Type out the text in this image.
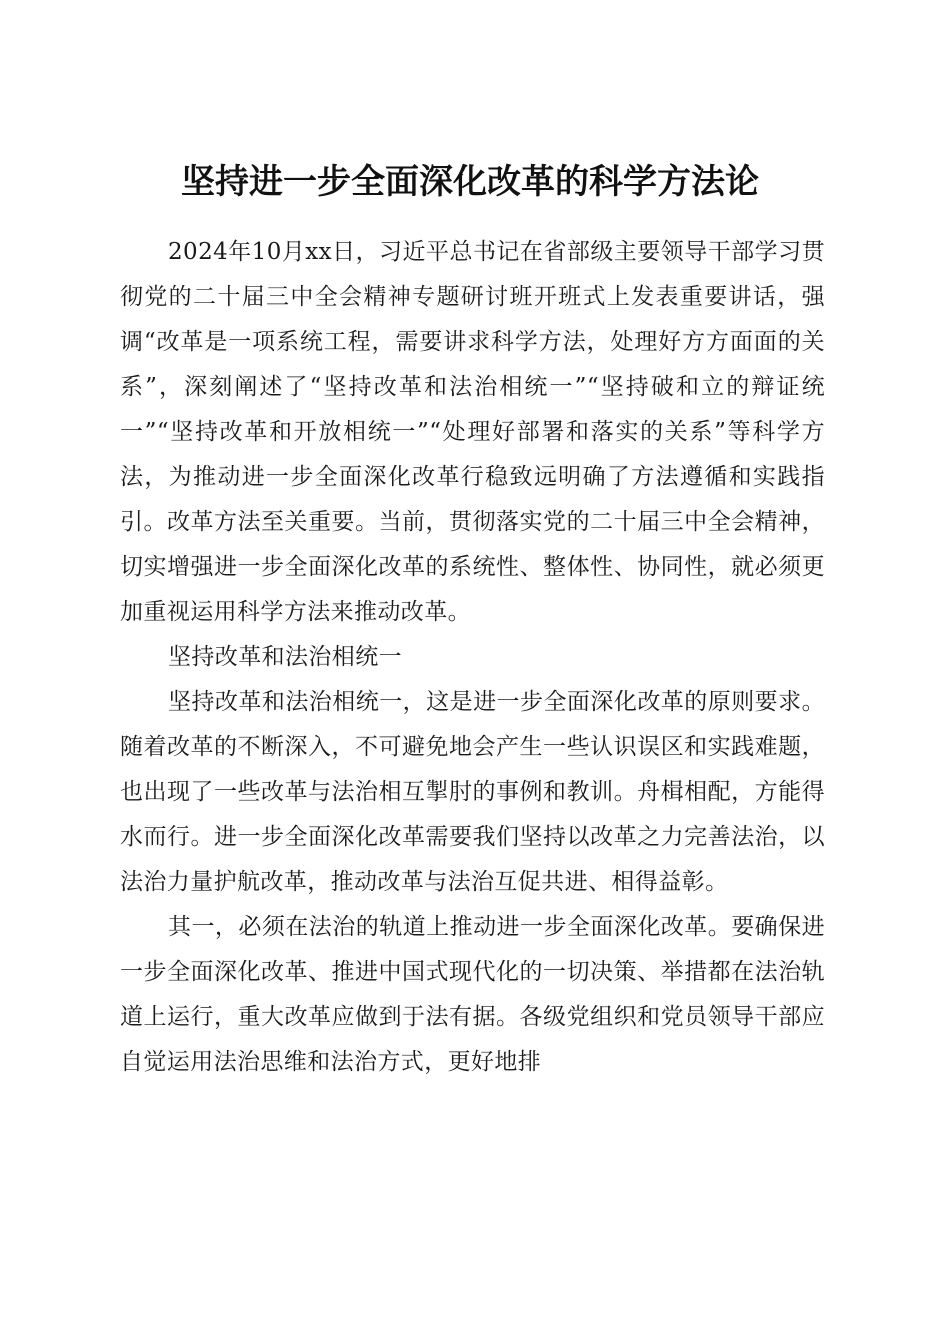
坚持进一步全面深化改革的科学方法论

2024年10月xx日，习近平总书记在省部级主要领导干部学习贯彻党的二十届三中全会精神专题研讨班开班式上发表重要讲话，强调“改革是一项系统工程，需要讲求科学方法，处理好方方面面的关系”，深刻阐述了“坚持改革和法治相统一”“坚持破和立的辩证统一”“坚持改革和开放相统一”“处理好部署和落实的关系”等科学方法，为推动进一步全面深化改革行稳致远明确了方法遵循和实践指引。改革方法至关重要。当前，贯彻落实党的二十届三中全会精神，切实增强进一步全面深化改革的系统性、整体性、协同性，就必须更加重视运用科学方法来推动改革。

坚持改革和法治相统一

坚持改革和法治相统一，这是进一步全面深化改革的原则要求。随着改革的不断深入，不可避免地会产生一些认识误区和实践难题，也出现了一些改革与法治相互掣肘的事例和教训。舟楫相配，方能得水而行。进一步全面深化改革需要我们坚持以改革之力完善法治，以法治力量护航改革，推动改革与法治互促共进、相得益彰。

其一，必须在法治的轨道上推动进一步全面深化改革。要确保进一步全面深化改革、推进中国式现代化的一切决策、举措都在法治轨道上运行，重大改革应做到于法有据。各级党组织和党员领导干部应自觉运用法治思维和法治方式，更好地排
